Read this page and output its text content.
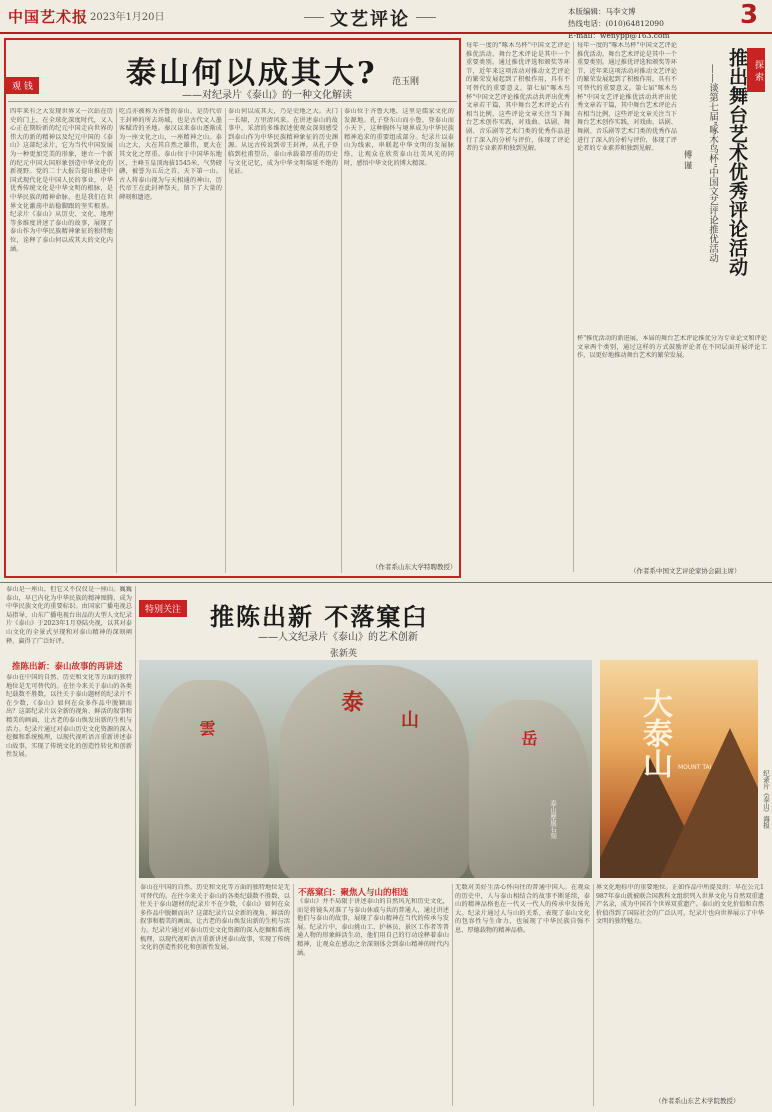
中国艺术报 2023年1月20日	文艺评论	本版编辑：马李文博
热线电话：(010)64812090
E-mail：wenypp@163.com
3
观 钱	泰山何以成其大? 范玉刚
——对纪录片《泰山》的一种文化解读
四年来有之大发现世界又一次站在历史的门上，在全球化深度时代，又人心正在期盼新的纪元中国走向世界的伟大的新的精神以及纪元中国的《泰山》这部纪录片，它为当代中国发展为一种更加完美的形象，建立一个新的纪元中国大国形象创造中华文化的新视野。党的二十大报告提出推进中国式现代化是中国人民的事业，中华优秀传统文化是中华文明的根脉，是中华民族的精神命脉，也是我们在世界文化激荡中站稳脚跟的坚实根基。纪录片《泰山》从历史、文化、地理等多维度讲述了泰山的故事，展现了泰山作为中华民族精神象征的独特地位，诠释了泰山何以成其大的文化内涵。
吃点亦被称为齐鲁的泰山，是历代帝王封禅的所去场域，也是古代文人墨客赋诗的圣地。秦汉以来泰山逐渐成为一座文化之山，一座精神之山。泰山之大，大在其自然之雄伟，更大在其文化之厚重。泰山位于中国华东地区，主峰玉皇顶海拔1545米，气势磅礴，被誉为五岳之首、天下第一山。古人将泰山视为与天相通的神山，历代帝王在此封禅祭天，留下了大量的碑刻和遗迹。
泰山何以成其大，乃是史地之大。天门一长啸，万里清风来。在讲述泰山的故事中，采清的多维叙述使观众深刻感受到泰山作为中华民族精神象征的历史渊源。从远古传说到帝王封禅，从孔子登临到杜甫望岳，泰山承载着厚重的历史与文化记忆，成为中华文明绵延不绝的见证。
泰山位于齐鲁大地，这里是儒家文化的发源地。孔子登东山而小鲁，登泰山而小天下，这种胸怀与境界成为中华民族精神追求的重要组成部分。纪录片以泰山为线索，串联起中华文明的发展脉络，让观众在欣赏泰山壮美风光的同时，感悟中华文化的博大精深。
（作者系山东大学特聘教授）
探 索
推出舞台艺术优秀评论活动
——谈第七届"啄木鸟杯"中国文艺评论推优活动
傅 谨
每年一度的"啄木鸟杯"中国文艺评论推优活动，舞台艺术评论是其中一个重要类别。通过推优评选和颁奖等环节，近年来这项活动对推动文艺评论的繁荣发展起到了积极作用，具有不可替代的重要意义。第七届"啄木鸟杯"中国文艺评论推优活动共评出优秀文章若干篇，其中舞台艺术评论占有相当比例，这些评论文章关注当下舞台艺术创作实践，对戏曲、话剧、舞剧、音乐剧等艺术门类的优秀作品进行了深入的分析与评价，体现了评论者的专业素养和独到见解。
每年一度的"啄木鸟杯"中国文艺评论推优活动，舞台艺术评论是其中一个重要类别。通过推优评选和颁奖等环节，近年来这项活动对推动文艺评论的繁荣发展起到了积极作用，具有不可替代的重要意义。第七届"啄木鸟杯"中国文艺评论推优活动共评出优秀文章若干篇，其中舞台艺术评论占有相当比例，这些评论文章关注当下舞台艺术创作实践，对戏曲、话剧、舞剧、音乐剧等艺术门类的优秀作品进行了深入的分析与评价，体现了评论者的专业素养和独到见解。
杯"推优活动的新进展，本届的舞台艺术评论推优分为专业论文和评论文章两个类别，通过这样的方式鼓励评论者在不同层面开展评论工作，以更好地推动舞台艺术的繁荣发展。
（作者系中国文艺评论家协会副主席）
泰山是一座山，但它又不仅仅是一座山。巍巍泰山，早已内化为中华民族的精神图腾，成为中华民族文化的重要标识。由国家广播电视总局指导、山东广播电视台出品的大型人文纪录片《泰山》于2023年1月登陆央视，以其对泰山文化的全景式呈现和对泰山精神的深刻阐释，赢得了广泛好评。
推陈出新：泰山故事的再讲述
泰山在中国的自然、历史和文化等方面的独特地位是无可替代的。在往今来关于泰山的各类纪载数不胜数，以往关于泰山题材的纪录片不在少数，《泰山》如何在众多作品中脱颖而出？这部纪录片以全新的视角、鲜活的叙事和精美的画面，让古老的泰山焕发出新的生机与活力。纪录片通过对泰山历史文化资源的深入挖掘和系统梳理，以现代视听语言重新讲述泰山故事，实现了传统文化的创造性转化和创新性发展。
特别关注 推陈出新 不落窠臼
——人文纪录片《泰山》的艺术创新
张新英
雲
泰
山
岳
泰山摩崖石刻
大泰山 MOUNT TAI
纪录片《泰山》海报
泰山在中国的自然、历史和文化等方面的独特地位是无可替代的。在往今来关于泰山的各类纪载数不胜数，以往关于泰山题材的纪录片不在少数，《泰山》如何在众多作品中脱颖而出？这部纪录片以全新的视角、鲜活的叙事和精美的画面，让古老的泰山焕发出新的生机与活力。纪录片通过对泰山历史文化资源的深入挖掘和系统梳理，以现代视听语言重新讲述泰山故事，实现了传统文化的创造性转化和创新性发展。
不落窠臼：聚焦人与山的相连
《泰山》并不局限于讲述泰山的自然风光和历史文化，而是将镜头对准了与泰山休戚与共的普通人，通过讲述他们与泰山的故事，展现了泰山精神在当代的传承与发展。纪录片中，泰山挑山工、护林员、景区工作者等普通人物的形象鲜活生动，他们用自己的行动诠释着泰山精神，让观众在感动之余深刻体会到泰山精神的时代内涵。
无数对美好生活心怀向往的普通中国人。在观众的历史中，人与泰山相结合的故事不断延续，泰山的精神品格也在一代又一代人的传承中发扬光大。纪录片通过人与山的关系，表现了泰山文化的包容性与生命力，也展现了中华民族自强不息、厚德载物的精神品格。
界文化地标中的重要地位。正如作品中所提及的：早在公元1987年泰山就被联合国教科文组织列入世界文化与自然双重遗产名录，成为中国首个世界双重遗产。泰山的文化价值和自然价值得到了国际社会的广泛认可，纪录片也向世界展示了中华文明的独特魅力。
（作者系山东艺术学院教授）
